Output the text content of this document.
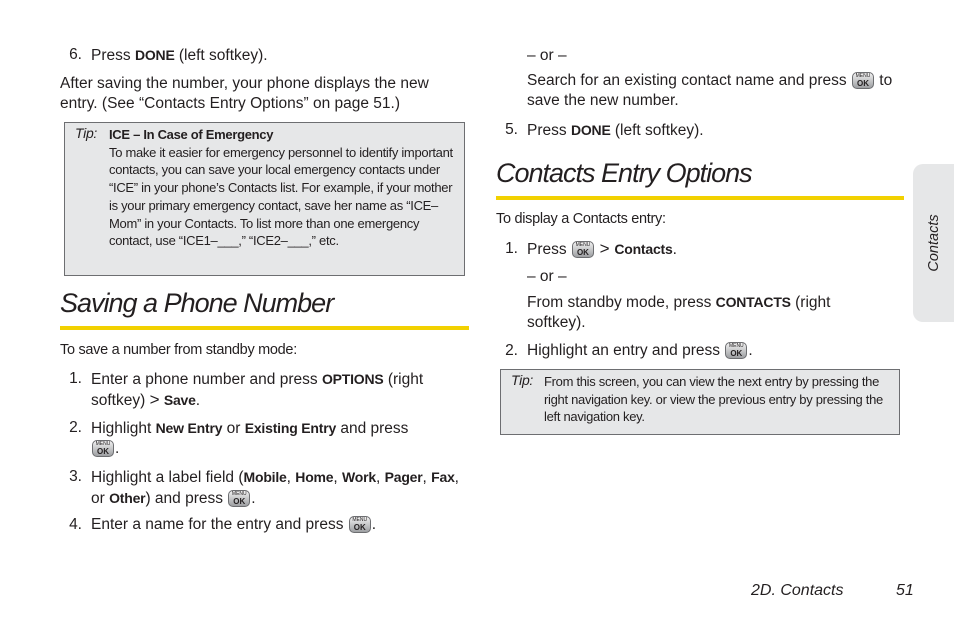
6. Press DONE (left softkey).
After saving the number, your phone displays the new entry. (See “Contacts Entry Options” on page 51.)
Tip: ICE – In Case of Emergency
To make it easier for emergency personnel to identify important contacts, you can save your local emergency contacts under “ICE” in your phone’s Contacts list. For example, if your mother is your primary emergency contact, save her name as “ICE–Mom” in your Contacts. To list more than one emergency contact, use “ICE1–___,” “ICE2–___,” etc.
Saving a Phone Number
To save a number from standby mode:
1. Enter a phone number and press OPTIONS (right softkey) > Save.
2. Highlight New Entry or Existing Entry and press
MENU
OK .
3. Highlight a label field (Mobile, Home, Work, Pager, Fax, or Other) and press MENU
OK .
4. Enter a name for the entry and press MENU
OK .
– or –
Search for an existing contact name and press MENU
OK to save the new number.
5. Press DONE (left softkey).
Contacts Entry Options
To display a Contacts entry:
1. Press MENU
OK > Contacts.
– or –
From standby mode, press CONTACTS (right softkey).
2. Highlight an entry and press MENU
OK .
Tip: From this screen, you can view the next entry by pressing the right navigation key. or view the previous entry by pressing the left navigation key.
Contacts
2D. Contacts	51
